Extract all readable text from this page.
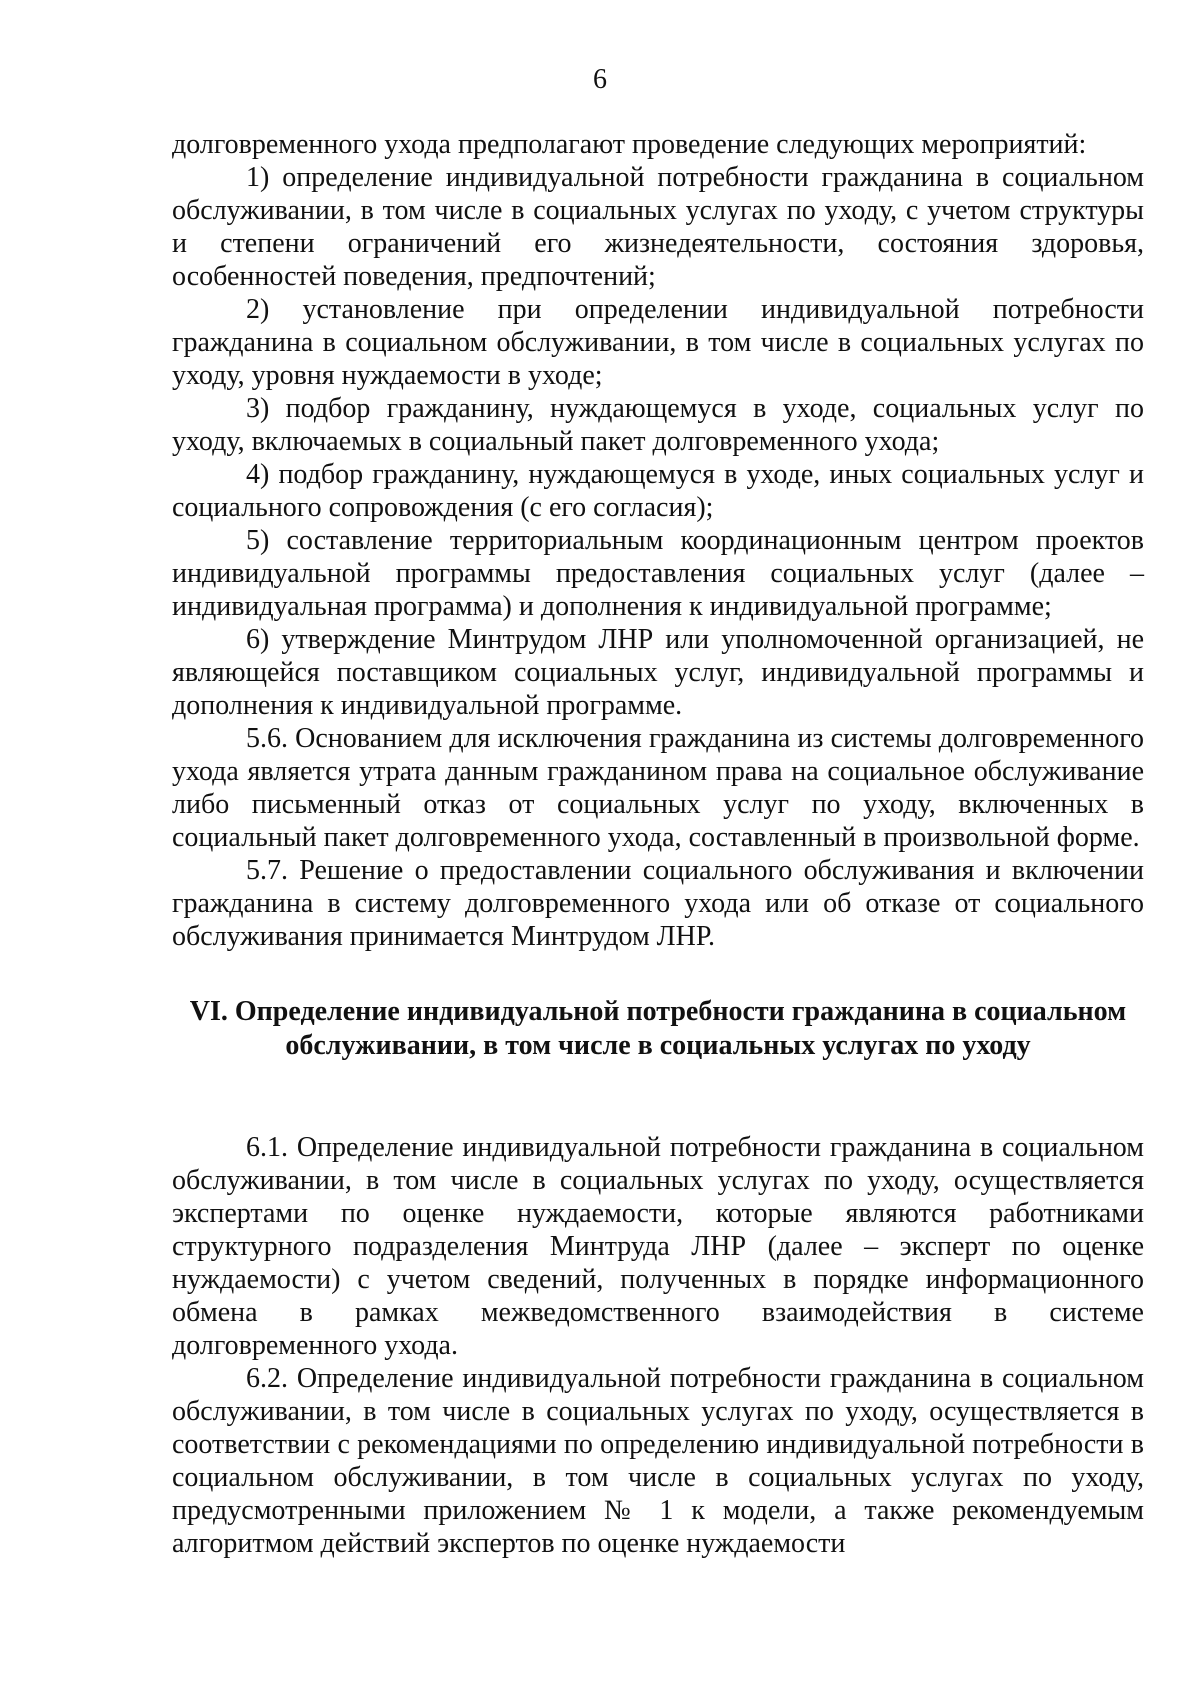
6

долговременного ухода предполагают проведение следующих мероприятий:

1) определение индивидуальной потребности гражданина в социальном обслуживании, в том числе в социальных услугах по уходу, с учетом структуры и степени ограничений его жизнедеятельности, состояния здоровья, особенностей поведения, предпочтений;

2) установление при определении индивидуальной потребности гражданина в социальном обслуживании, в том числе в социальных услугах по уходу, уровня нуждаемости в уходе;

3) подбор гражданину, нуждающемуся в уходе, социальных услуг по уходу, включаемых в социальный пакет долговременного ухода;

4) подбор гражданину, нуждающемуся в уходе, иных социальных услуг и социального сопровождения (с его согласия);

5) составление территориальным координационным центром проектов индивидуальной программы предоставления социальных услуг (далее – индивидуальная программа) и дополнения к индивидуальной программе;

6) утверждение Минтрудом ЛНР или уполномоченной организацией, не являющейся поставщиком социальных услуг, индивидуальной программы и дополнения к индивидуальной программе.

5.6. Основанием для исключения гражданина из системы долговременного ухода является утрата данным гражданином права на социальное обслуживание либо письменный отказ от социальных услуг по уходу, включенных в социальный пакет долговременного ухода, составленный в произвольной форме.

5.7. Решение о предоставлении социального обслуживания и включении гражданина в систему долговременного ухода или об отказе от социального обслуживания принимается Минтрудом ЛНР.

VI. Определение индивидуальной потребности гражданина в социальном
обслуживании, в том числе в социальных услугах по уходу

6.1. Определение индивидуальной потребности гражданина в социальном обслуживании, в том числе в социальных услугах по уходу, осуществляется экспертами по оценке нуждаемости, которые являются работниками структурного подразделения Минтруда ЛНР (далее – эксперт по оценке нуждаемости) с учетом сведений, полученных в порядке информационного обмена в рамках межведомственного взаимодействия в системе долговременного ухода.

6.2. Определение индивидуальной потребности гражданина в социальном обслуживании, в том числе в социальных услугах по уходу, осуществляется в соответствии с рекомендациями по определению индивидуальной потребности в социальном обслуживании, в том числе в социальных услугах по уходу, предусмотренными приложением № 1 к модели, а также рекомендуемым алгоритмом действий экспертов по оценке нуждаемости
